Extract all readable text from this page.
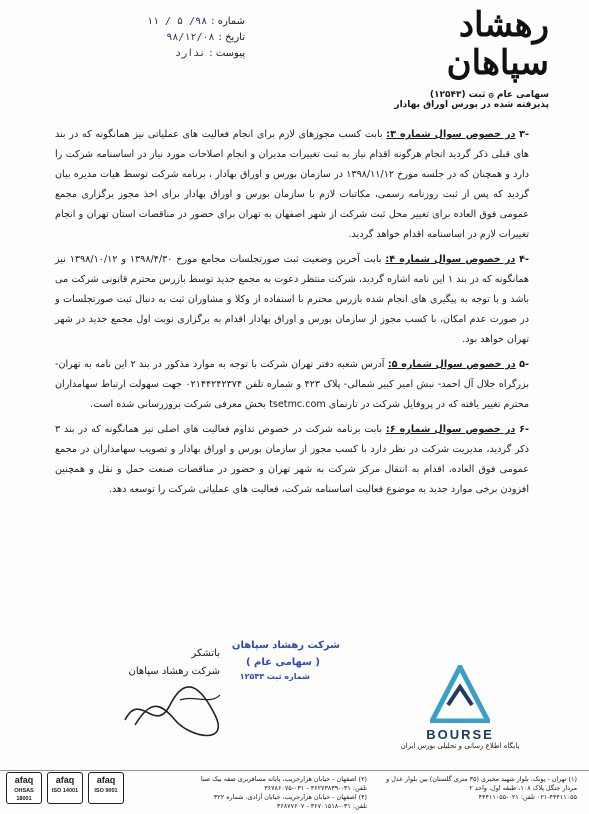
شماره :
۹۸/ ۵ / ۱۱
تاریخ :
۹۸/۱۲/۰۸
پیوست :
ندارد
رهشاد سپاهان
سهامی عام ۞ ثبت (۱۲۵۴۳)
پذیرفته شده در بورس اوراق بهادار
-۳ در خصوص سوال شماره ۳: بابت کسب مجوزهای لازم برای انجام فعالیت های عملیاتی نیز همانگونه که در بند های قبلی ذکر گردید انجام هرگونه اقدام نیاز به ثبت تغییرات مدیران و انجام اصلاحات مورد نیاز در اساسنامه شرکت را دارد و همچنان که در جلسه مورخ ۱۳۹۸/۱۱/۱۲ در سازمان بورس و اوراق بهادار ، برنامه شرکت توسط هیات مدیره بیان گردید که پس از ثبت روزنامه رسمی، مکاتبات لازم با سازمان بورس و اوراق بهادار برای اخذ مجوز برگزاری مجمع عمومی فوق العاده برای تغییر محل ثبت شرکت از شهر اصفهان به تهران برای حضور در مناقصات استان تهران و انجام تغییرات لازم در اساسنامه اقدام خواهد گردید.
-۴ در خصوص سوال شماره ۴: بابت آخرین وضعیت ثبت صورتجلسات مجامع مورخ ۱۳۹۸/۴/۳۰ و ۱۳۹۸/۱۰/۱۲ نیز همانگونه که در بند ۱ این نامه اشاره گردید، شرکت منتظر دعوت به مجمع جدید توسط بازرس محترم قانونی شرکت می باشد و با توجه به پیگیری های انجام شده بازرس محترم با استفاده از وکلا و مشاوران ثبت به دنبال ثبت صورتجلسات و در صورت عدم امکان، با کسب مجوز از سازمان بورس و اوراق بهادار اقدام به برگزاری نوبت اول مجمع جدید در شهر تهران خواهد بود.
-۵ در خصوص سوال شماره ۵: آدرس شعبه دفتر تهران شرکت با توجه به موارد مذکور در بند ۲ این نامه به تهران- بزرگراه جلال آل احمد- نبش امیر کبیر شمالی- پلاک ۴۲۳ و شماره تلفن ۰۲۱۴۴۲۴۲۳۷۴ جهت سهولت ارتباط سهامداران محترم تغییر یافته که در پروفایل شرکت در تارنمای tsetmc.com بخش معرفی شرکت بروزرسانی شده است.
-۶ در خصوص سوال شماره ۶: بابت برنامه شرکت در خصوص تداوم فعالیت های اصلی نیز همانگونه که در بند ۳ ذکر گردید، مدیریت شرکت در نظر دارد با کسب مجوز از سازمان بورس و اوراق بهادار و تصویب سهامداران در مجمع عمومی فوق العاده، اقدام به انتقال مرکز شرکت به شهر تهران و حضور در مناقصات صنعت حمل و نقل و همچنین افزودن برخی موارد جدید به موضوع فعالیت اساسنامه شرکت، فعالیت های عملیاتی شرکت را توسعه دهد.
شرکت رهشاد سپاهان
( سهامی عام )
شماره ثبت ۱۲۵۴۳
باتشکر
شرکت رهشاد سپاهان
BOURSE
پایگاه اطلاع رسانی و تحلیلی بورس ایران
(۱) تهران - پونک، بلوار شهید مخبری (۳۵ متری گلستان) بین بلوار عدل و مردار جنگل پلاک ۱۰۸، طبقه اول، واحد ۲
۰۲۱-۴۴۴۱۱۰۵۵ تلفن: ۰۲۱-۴۴۴۱۱۰۵۵
(۲) اصفهان - خیابان هزارجریب، پایانه مسافربری صفه بیک صبا
تلفن: ۰۳۱-۳۶۲۷۳۸۳۹ - ۰۳۱-۳۶۷۸۶۰۷۵
(۴) اصفهان - خیابان هزارجریب، خیابان آزادی، شماره ۳۲۲
تلفن: ۰۳۱-۳۶۷۰۱۵۱۸ - ۳۶۸۷۷۶۰۷
afaq
OHSAS 18001
afaq
ISO 14001
afaq
ISO 9001
